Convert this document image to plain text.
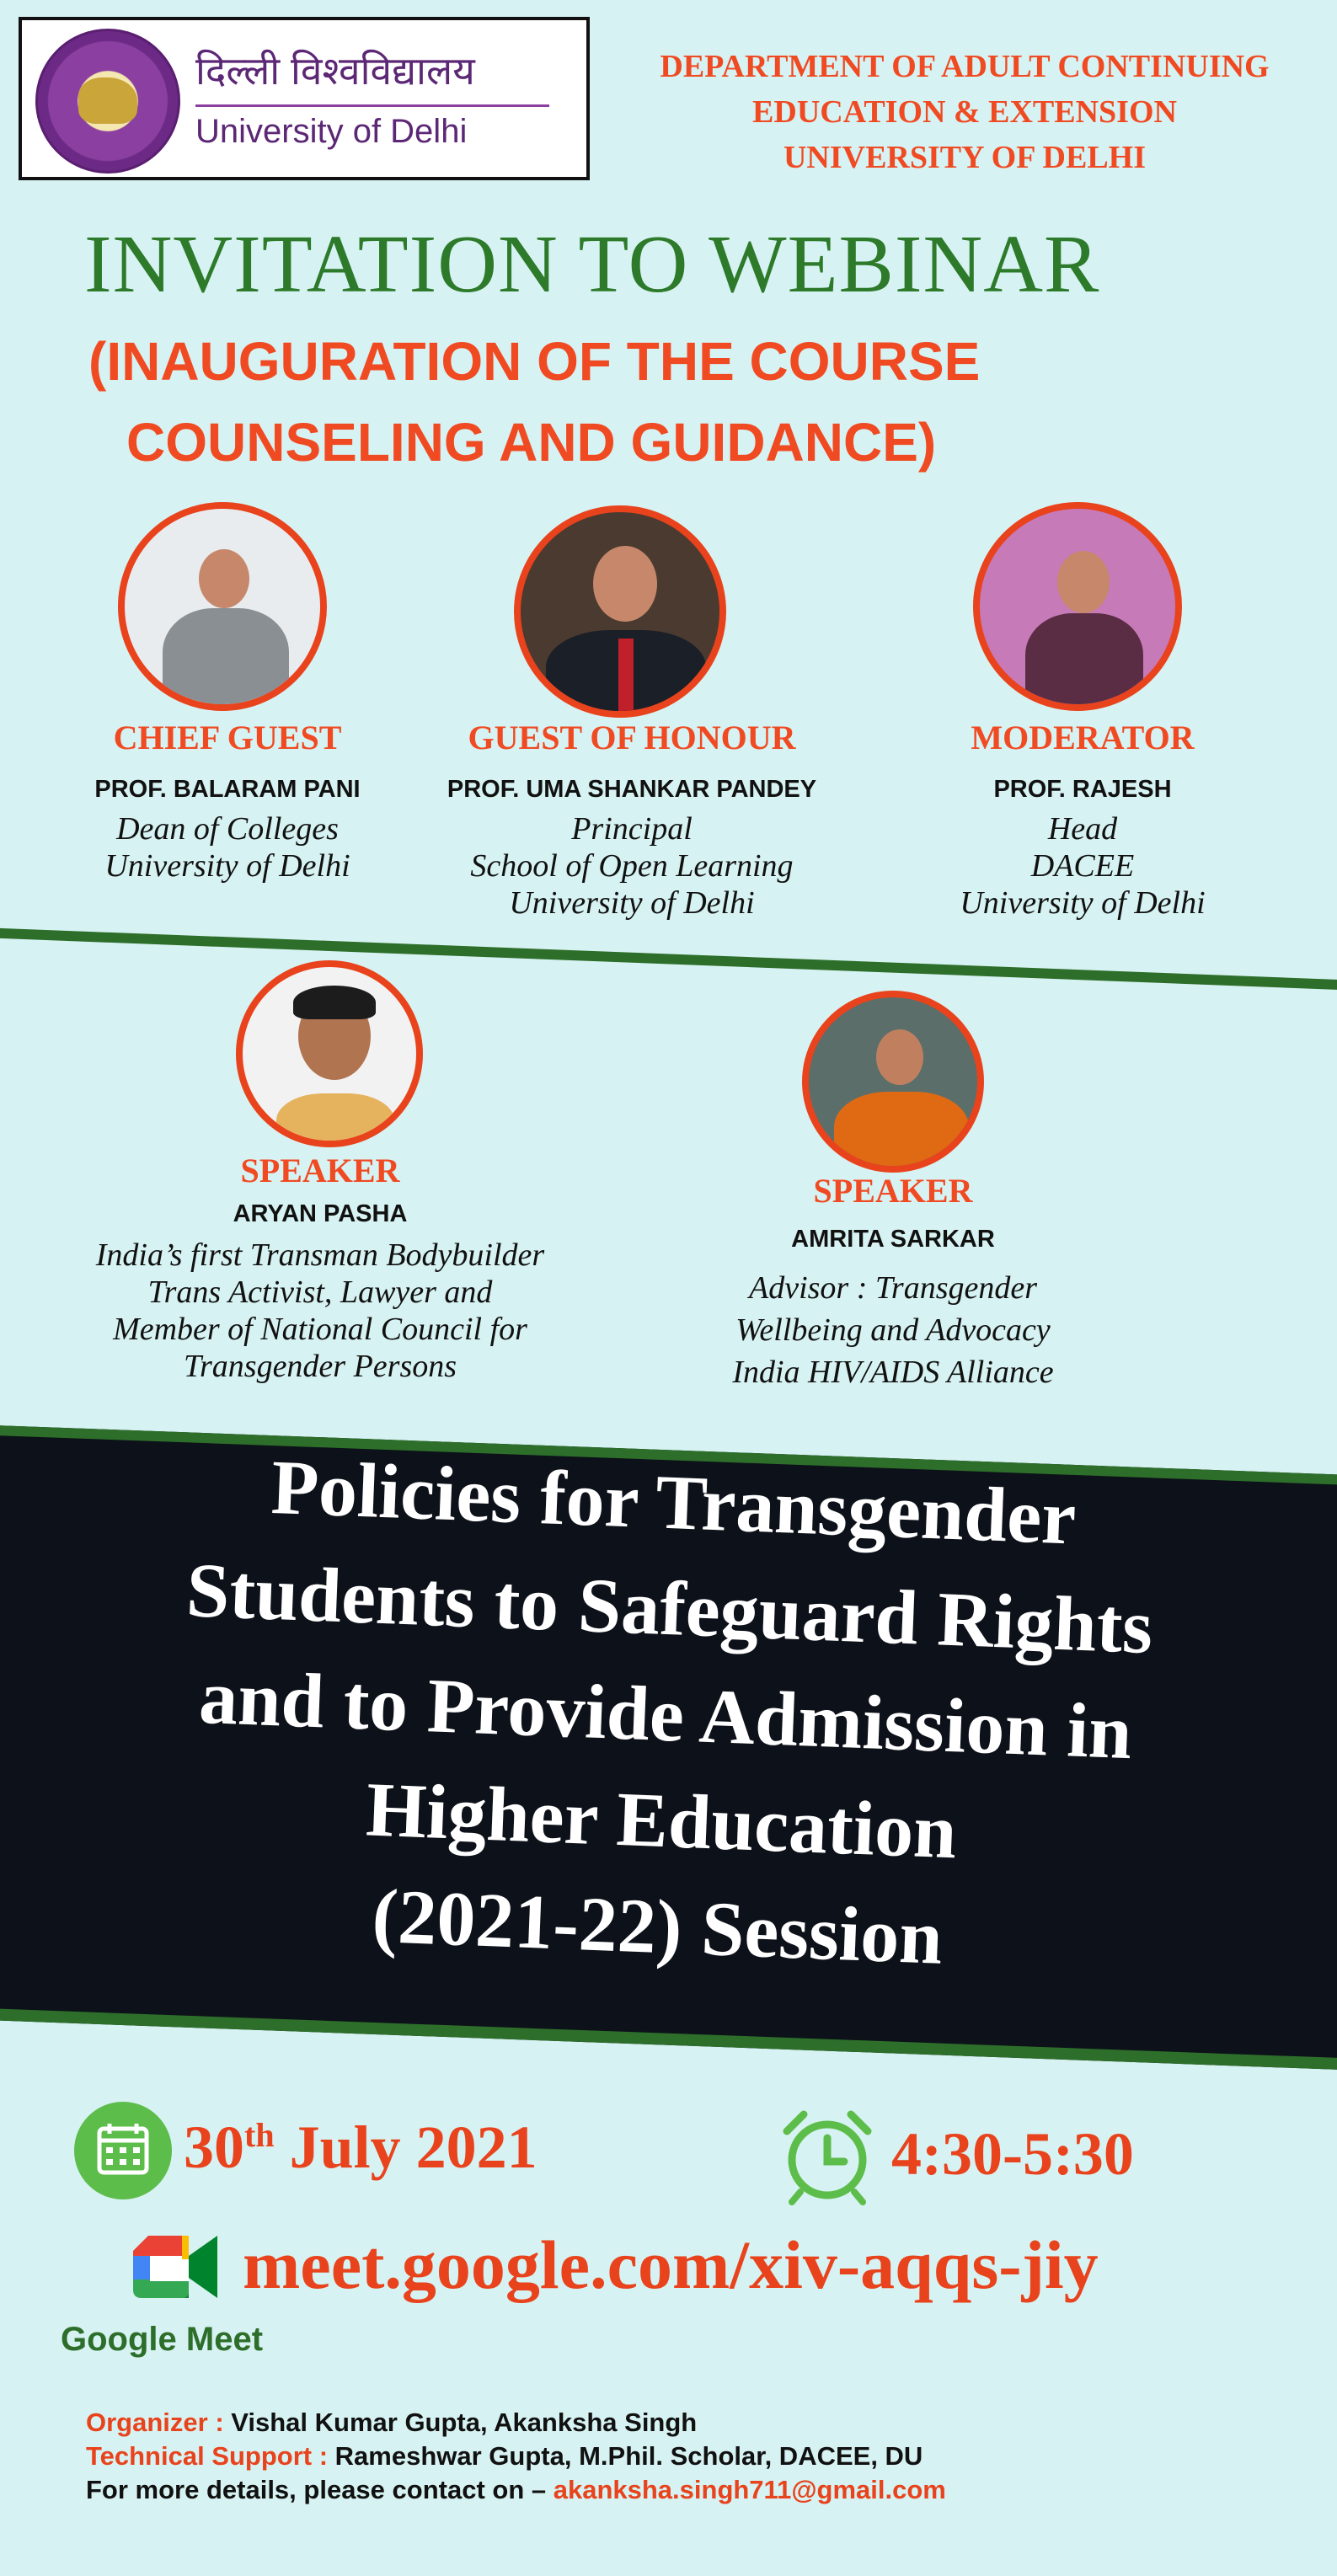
दिल्ली विश्वविद्यालय
University of Delhi
DEPARTMENT OF ADULT CONTINUING
EDUCATION & EXTENSION
UNIVERSITY OF DELHI
INVITATION TO WEBINAR
(INAUGURATION OF THE COURSE
COUNSELING AND GUIDANCE)
CHIEF GUEST
PROF. BALARAM PANI
Dean of Colleges
University of Delhi
GUEST OF HONOUR
PROF. UMA SHANKAR PANDEY
Principal
School of Open Learning
University of Delhi
MODERATOR
PROF. RAJESH
Head
DACEE
University of Delhi
SPEAKER
ARYAN PASHA
India’s first Transman Bodybuilder
Trans Activist, Lawyer and
Member of National Council for
Transgender Persons
SPEAKER
AMRITA SARKAR
Advisor : Transgender
Wellbeing and Advocacy
India HIV/AIDS Alliance
Policies for Transgender
Students to Safeguard Rights
and to Provide Admission in
Higher Education
(2021-22) Session
30th July 2021	4:30-5:30
meet.google.com/xiv-aqqs-jiy
Google Meet
Organizer : Vishal Kumar Gupta, Akanksha Singh
Technical Support : Rameshwar Gupta, M.Phil. Scholar, DACEE, DU
For more details, please contact on – akanksha.singh711@gmail.com
